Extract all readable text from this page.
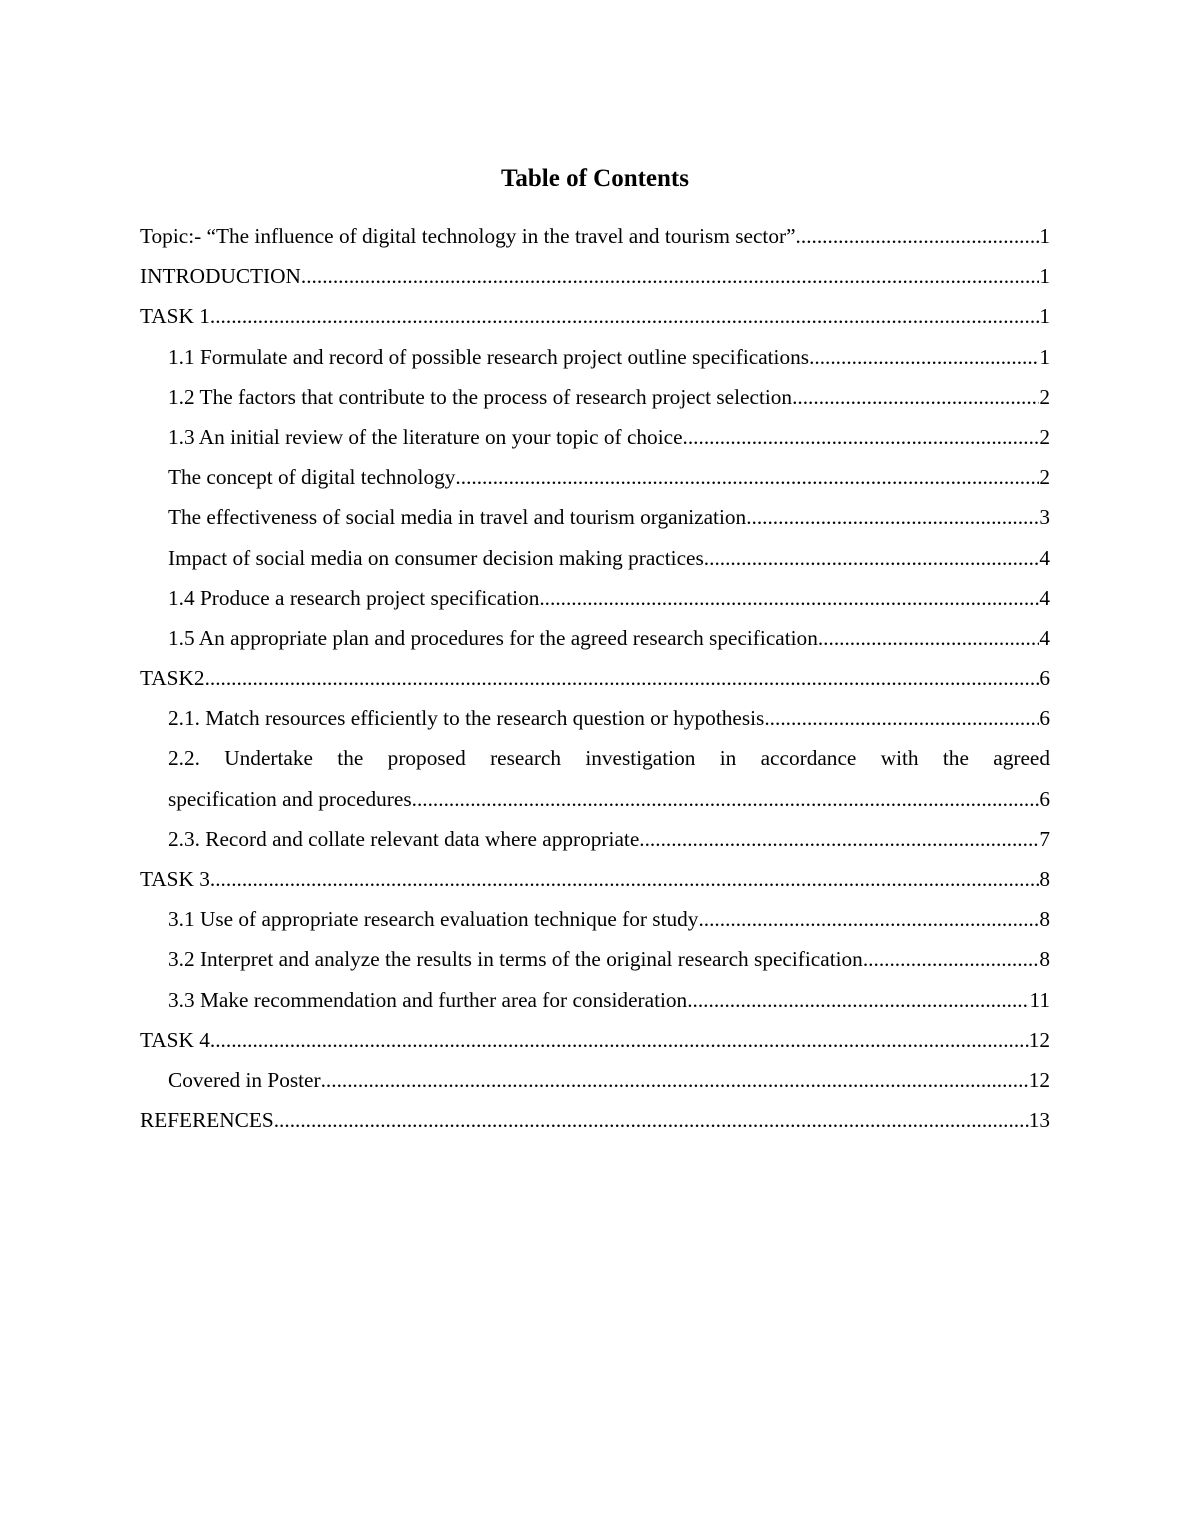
Table of Contents
Topic:- “The influence of digital technology in the travel and tourism sector” .....	1
INTRODUCTION .....	1
TASK 1 .....	1
1.1 Formulate and record of possible research project outline specifications .....	1
1.2 The factors that contribute to the process of research project selection .....	2
1.3 An initial review of the literature on your topic of choice .....	2
The concept of digital technology .....	2
The effectiveness of social media in travel and tourism organization .....	3
Impact of social media on consumer decision making practices .....	4
1.4 Produce a research project specification .....	4
1.5 An appropriate plan and procedures for the agreed research specification .....	4
TASK2 .....	6
2.1. Match resources efficiently to the research question or hypothesis .....	6
2.2. Undertake the proposed research investigation in accordance with the agreed
specification and procedures .....	6
2.3. Record and collate relevant data where appropriate .....	7
TASK 3 .....	8
3.1 Use of appropriate research evaluation technique for study .....	8
3.2 Interpret and analyze the results in terms of the original research specification .....	8
3.3 Make recommendation and further area for consideration .....	11
TASK 4 .....	12
Covered in Poster .....	12
REFERENCES .....	13
